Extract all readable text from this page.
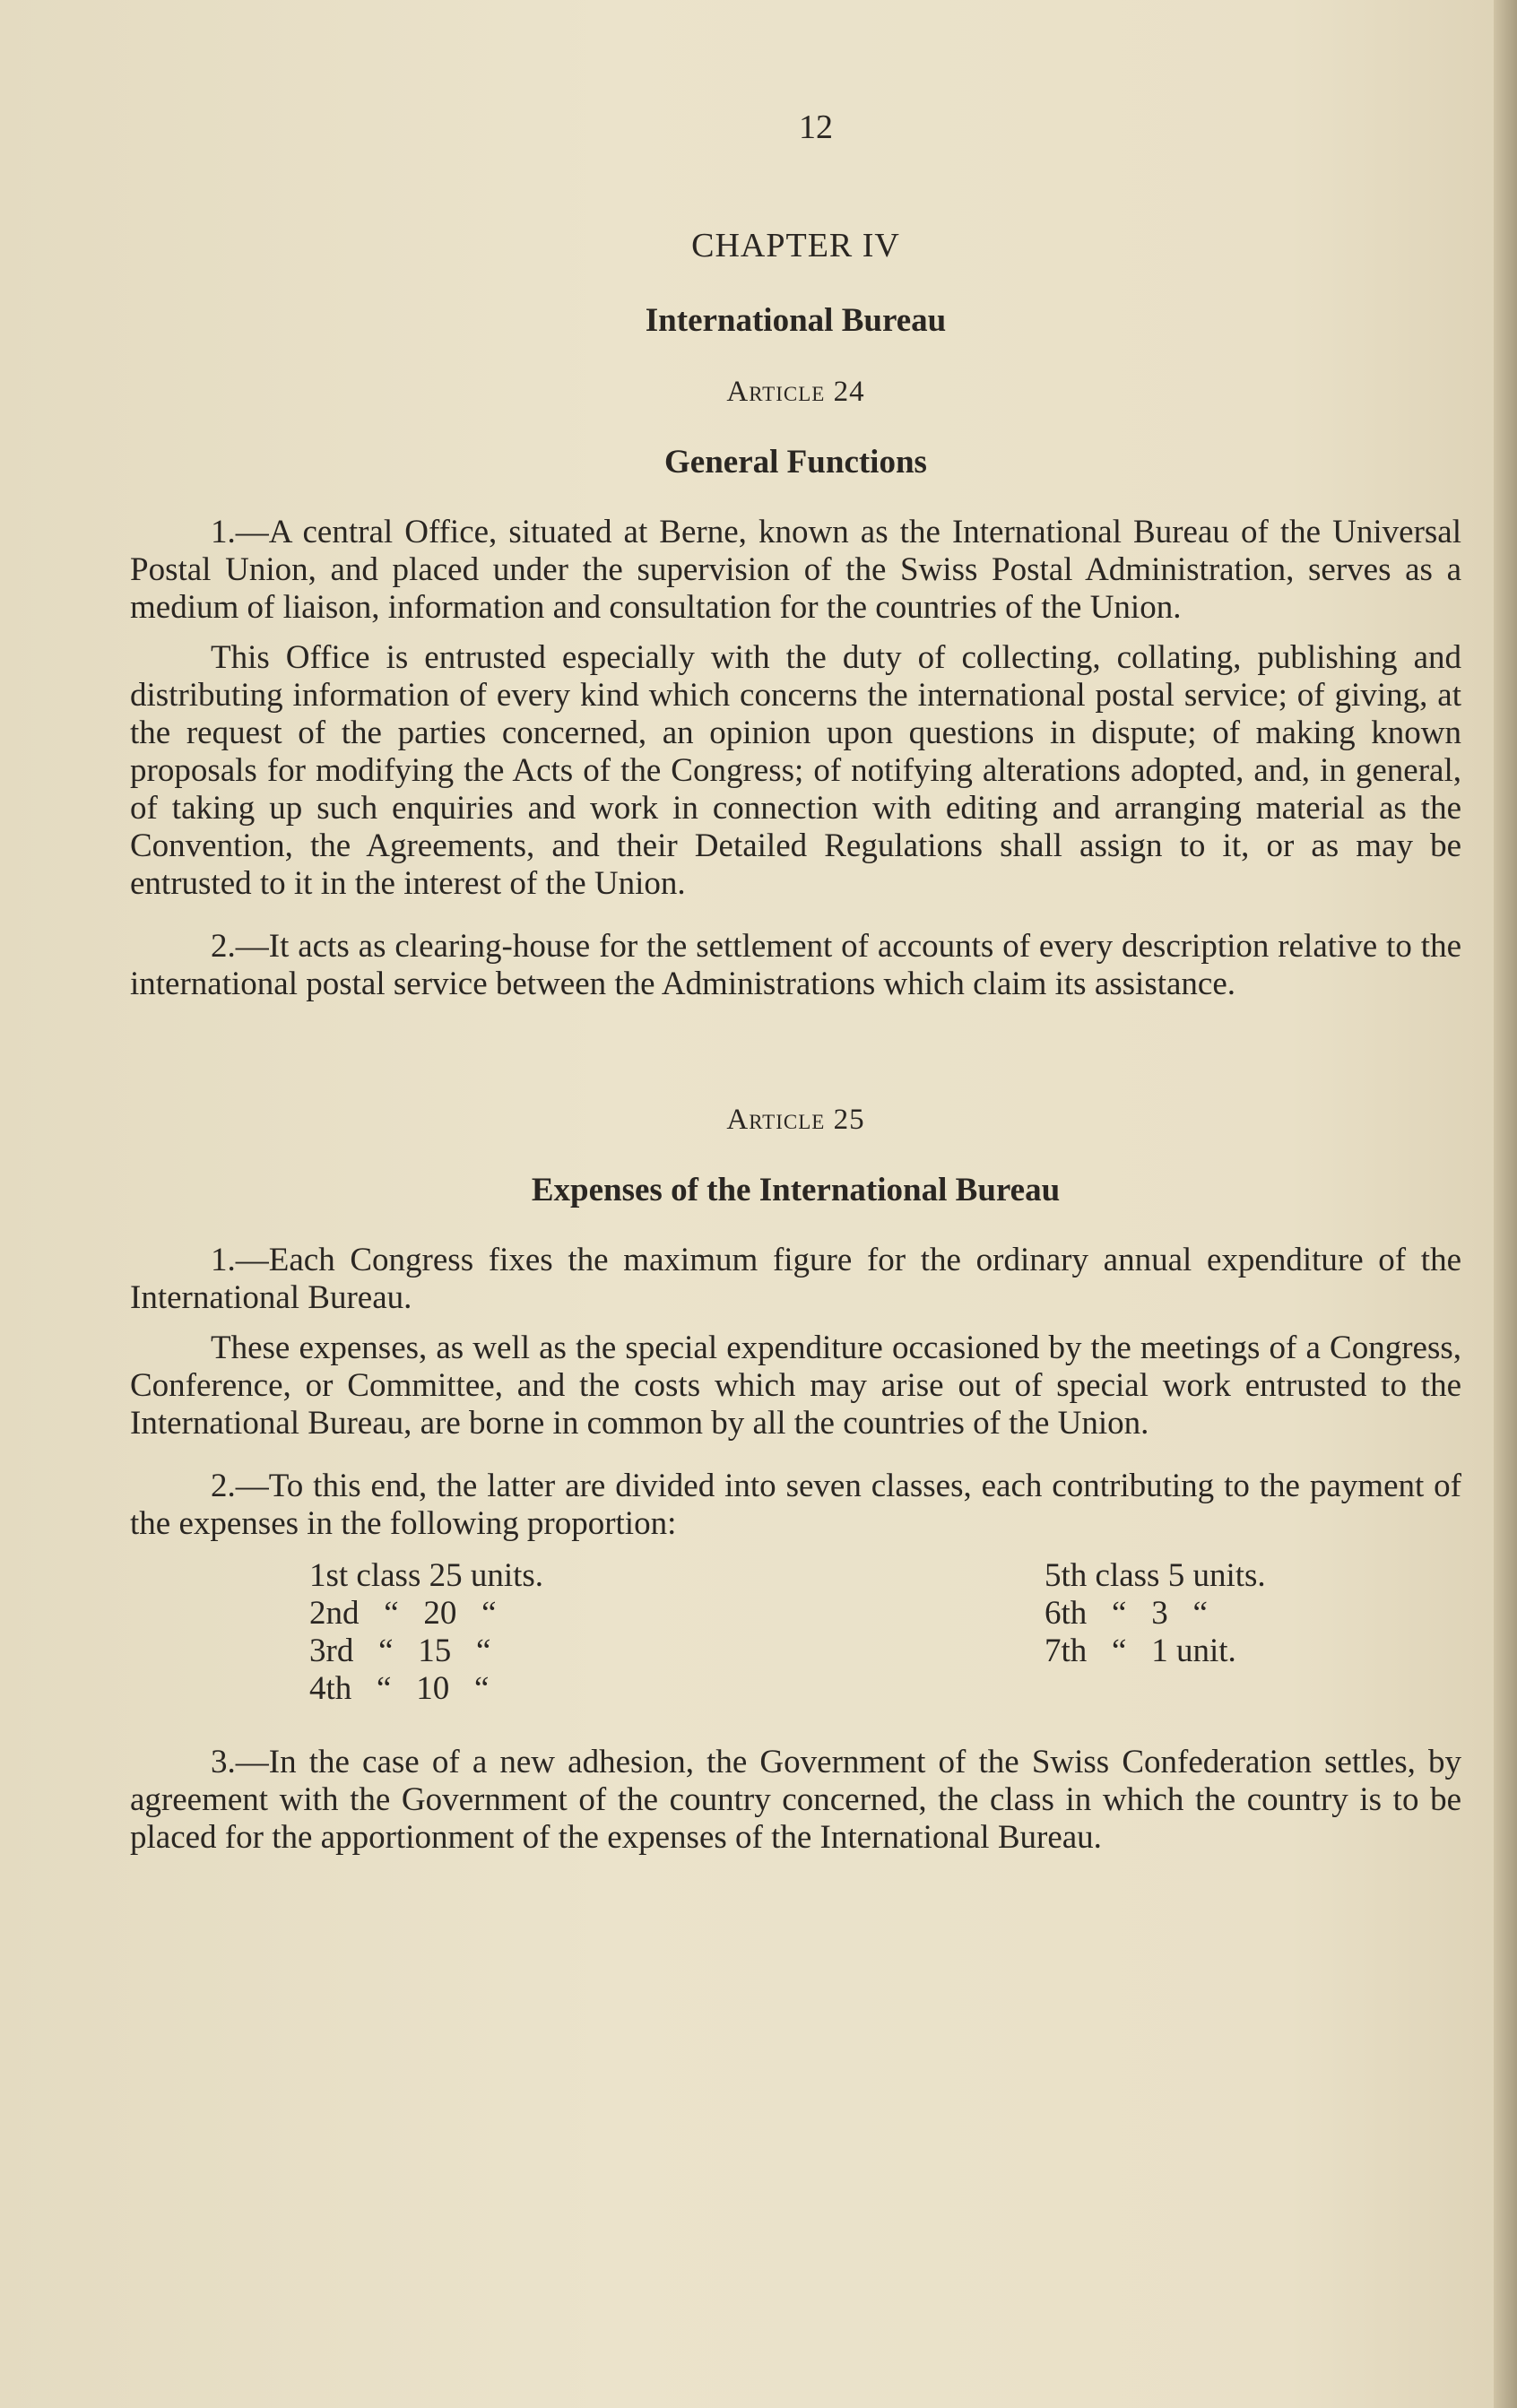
12
CHAPTER IV
International Bureau
Article 24
General Functions

1.—A central Office, situated at Berne, known as the International Bureau of the Universal Postal Union, and placed under the supervision of the Swiss Postal Administration, serves as a medium of liaison, information and consultation for the countries of the Union.

This Office is entrusted especially with the duty of collecting, collating, publishing and distributing information of every kind which concerns the international postal service; of giving, at the request of the parties concerned, an opinion upon questions in dispute; of making known proposals for modifying the Acts of the Congress; of notifying alterations adopted, and, in general, of taking up such enquiries and work in connection with editing and arranging material as the Convention, the Agreements, and their Detailed Regulations shall assign to it, or as may be entrusted to it in the interest of the Union.

2.—It acts as clearing-house for the settlement of accounts of every description relative to the international postal service between the Administrations which claim its assistance.

Article 25
Expenses of the International Bureau

1.—Each Congress fixes the maximum figure for the ordinary annual expenditure of the International Bureau.

These expenses, as well as the special expenditure occasioned by the meetings of a Congress, Conference, or Committee, and the costs which may arise out of special work entrusted to the International Bureau, are borne in common by all the countries of the Union.

2.—To this end, the latter are divided into seven classes, each contributing to the payment of the expenses in the following proportion:

1st class 25 units.
2nd   “   20   “
3rd   “   15   “
4th   “   10   “
5th class 5 units.
6th   “   3   “
7th   “   1 unit.

3.—In the case of a new adhesion, the Government of the Swiss Confederation settles, by agreement with the Government of the country concerned, the class in which the country is to be placed for the apportionment of the expenses of the International Bureau.
